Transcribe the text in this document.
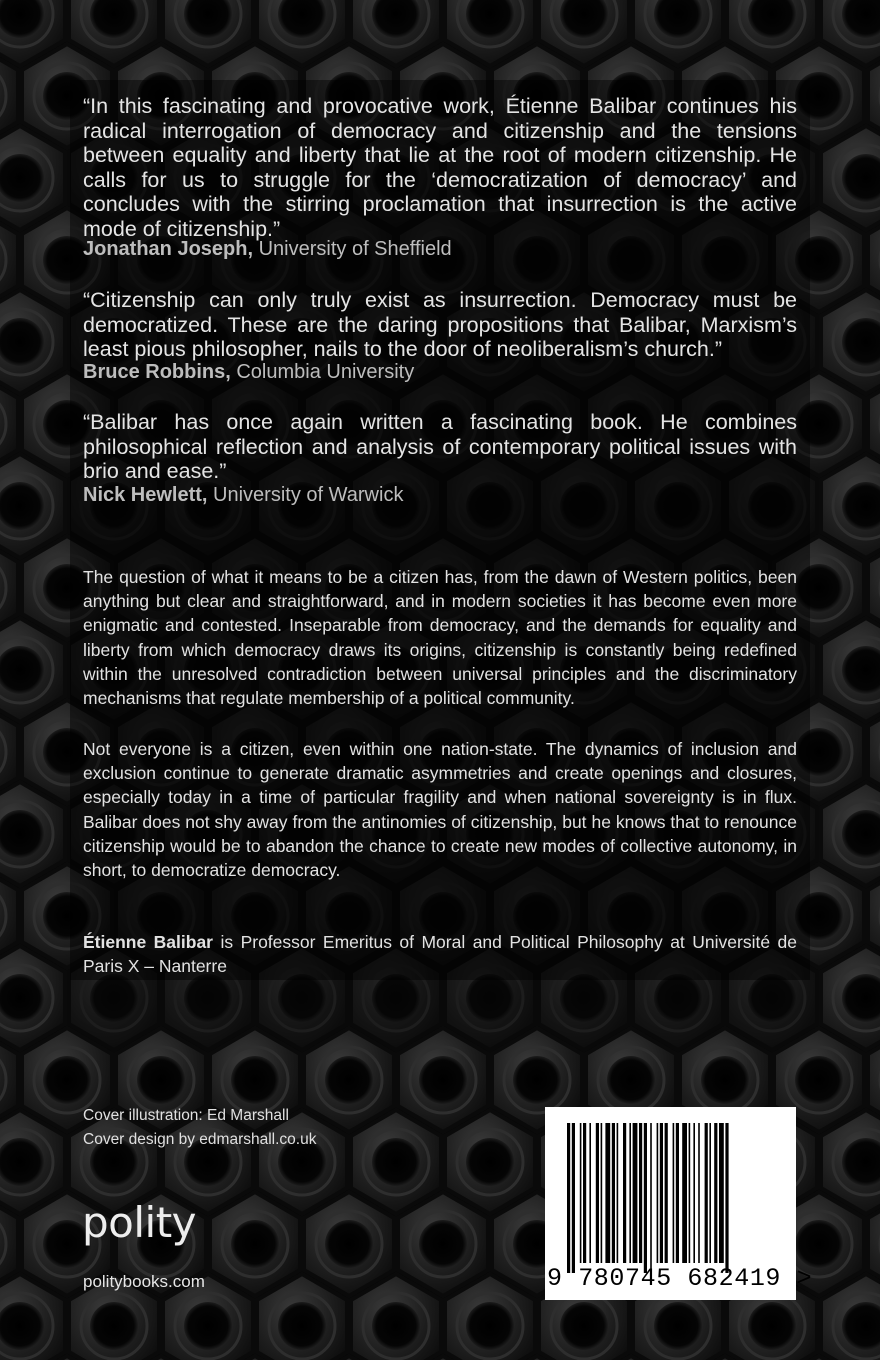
“In this fascinating and provocative work, Étienne Balibar continues his radical interrogation of democracy and citizenship and the tensions between equality and liberty that lie at the root of modern citizenship. He calls for us to struggle for the ‘democratization of democracy’ and concludes with the stirring proclamation that insurrection is the active mode of citizenship.”

Jonathan Joseph, University of Sheffield

“Citizenship can only truly exist as insurrection. Democracy must be democratized. These are the daring propositions that Balibar, Marxism’s least pious philosopher, nails to the door of neoliberalism’s church.”

Bruce Robbins, Columbia University

“Balibar has once again written a fascinating book. He combines philosophical reflection and analysis of contemporary political issues with brio and ease.”

Nick Hewlett, University of Warwick

The question of what it means to be a citizen has, from the dawn of Western politics, been anything but clear and straightforward, and in modern societies it has become even more enigmatic and contested. Inseparable from democracy, and the demands for equality and liberty from which democracy draws its origins, citizenship is constantly being redefined within the unresolved contradiction between universal principles and the discriminatory mechanisms that regulate membership of a political community.

Not everyone is a citizen, even within one nation-state. The dynamics of inclusion and exclusion continue to generate dramatic asymmetries and create openings and closures, especially today in a time of particular fragility and when national sovereignty is in flux. Balibar does not shy away from the antinomies of citizenship, but he knows that to renounce citizenship would be to abandon the chance to create new modes of collective autonomy, in short, to democratize democracy.

Étienne Balibar is Professor Emeritus of Moral and Political Philosophy at Université de Paris X – Nanterre

Cover illustration: Ed Marshall
Cover design by edmarshall.co.uk
polity
politybooks.com	9 780745 682419 >
